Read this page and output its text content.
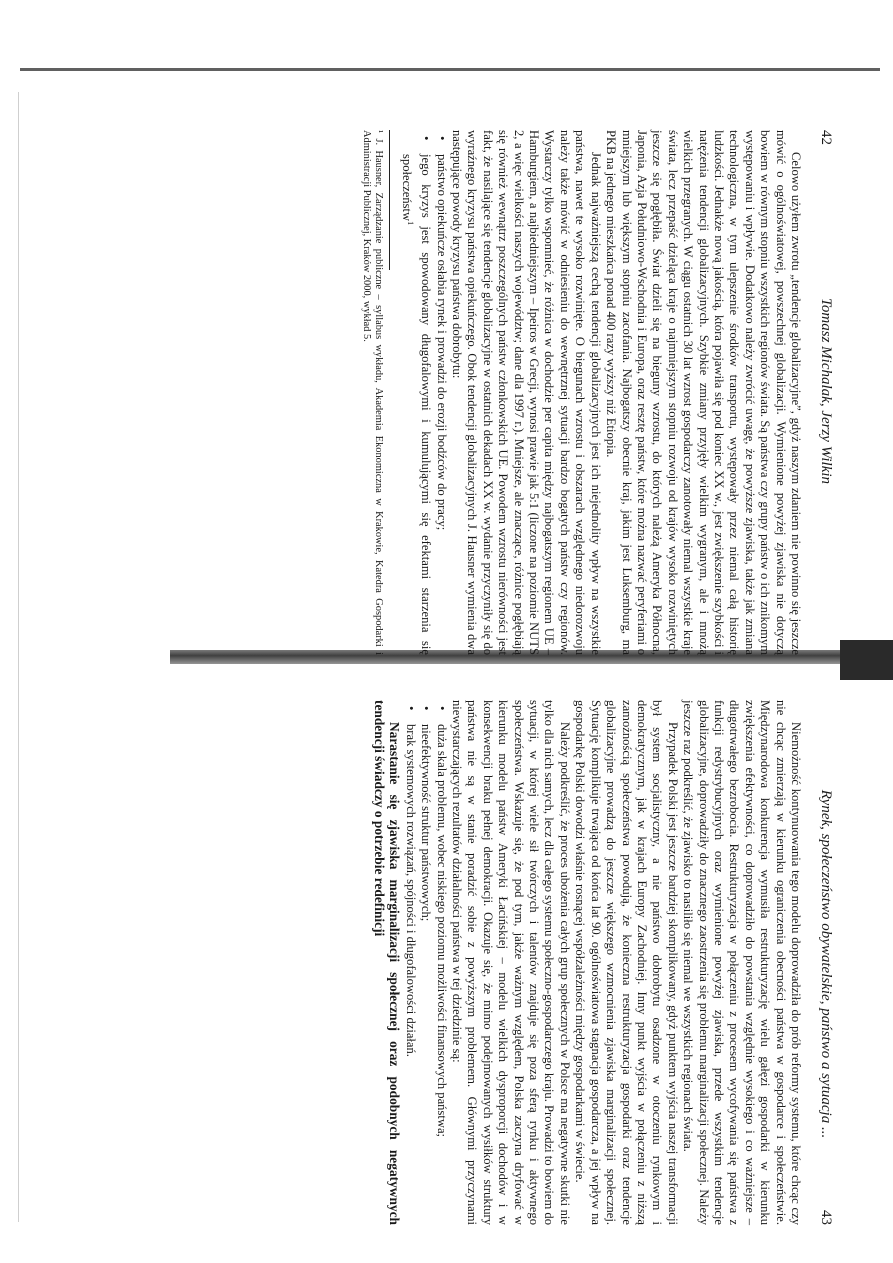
42
Tomasz Michalak, Jerzy Wilkin

Celowo użyłem zwrotu „tendencje globalizacyjne”, gdyż naszym zdaniem nie powinno się jeszcze mówić o ogólnoświatowej, powszechnej globalizacji. Wymienione powyżej zjawiska nie dotyczą bowiem w równym stopniu wszystkich regionów świata. Są państwa czy grupy państw o ich znikomym występowaniu i wpływie. Dodatkowo należy zwrócić uwagę, że powyższe zjawiska, także jak zmiana technologiczna, w tym ulepszenie środków transportu, występowały przez niemal całą historię ludzkości. Jednakże nową jakością, która pojawiła się pod koniec XX w., jest zwiększenie szybkości i natężenia tendencji globalizacyjnych. Szybkie zmiany przyjęły wielkim wygranym, ale i mnożą wielkich przegranych. W ciągu ostatnich 30 lat wzrost gospodarczy zanotowały niemal wszystkie kraje świata, lecz przepaść dzieląca kraje o najmniejszym stopniu rozwoju od krajów wysoko rozwiniętych jeszcze się pogłębiła. Świat dzieli się na bieguny wzrostu, do których należą Ameryka Północna, Japonia, Azja Południowo-Wschodnia i Europa, oraz resztę państw, które można nazwać peryferiami o mniejszym lub większym stopniu zacofania. Najbogatszy obecnie kraj, jakim jest Luksemburg, ma PKB na jednego mieszkańca ponad 400 razy wyższy niż Etiopia.

Jednak najważniejszą cechą tendencji globalizacyjnych jest ich niejednolity wpływ na wszystkie państwa, nawet te wysoko rozwinięte. O biegunach wzrostu i obszarach względnego niedorozwoju należy także mówić w odniesieniu do wewnętrznej sytuacji bardzo bogatych państw czy regionów. Wystarczy tylko wspomnieć, że różnica w dochodzie per capita między najbogatszym regionem UE – Hamburgiem, a najbiedniejszym – Ipeiros w Grecji, wynosi prawie jak 5:1 (liczone na poziomie NUTS 2, a więc wielkości naszych województw; dane dla 1997 r.). Mniejsze, ale znaczące, różnice pogłębiają się również wewnątrz poszczególnych państw członkowskich UE. Powodem wzrostu nierówności jest fakt, że nasilające się tendencje globalizacyjne w ostatnich dekadach XX w. wydanie przyczyniły się do wyraźnego kryzysu państwa opiekuńczego. Obok tendencji globalizacyjnych J. Hausner wymienia dwa następujące powody kryzysu państwa dobrobytu:

• państwo opiekuńcze osłabia rynek i prowadzi do erozji bodźców do pracy;
• jego kryzys jest spowodowany długofalowymi i kumulującymi się efektami starzenia się społeczeństw$^1$
¹ J. Hausner, Zarządzanie publiczne – syllabus wykładu, Akademia Ekonomiczna w Krakowie, Katedra Gospodarki i Administracji Publicznej, Kraków 2000, wykład 5.
Rynek, społeczeństwo obywatelskie, państwo a sytuacja ...
43

Niemożność kontynuowania tego modelu doprowadziła do prób reformy systemu, które chcąc czy nie chcąc zmierzają w kierunku ograniczenia obecności państwa w gospodarce i społeczeństwie. Międzynarodowa konkurencja wymusiła restrukturyzację wielu gałęzi gospodarki w kierunku zwiększenia efektywności, co doprowadziło do powstania względnie wysokiego i co ważniejsze – długotrwałego bezrobocia. Restrukturyzacja w połączeniu z procesem wycofywania się państwa z funkcji redystrybucyjnych oraz wymienione powyżej zjawiska, przede wszystkim tendencje globalizacyjne, doprowadziły do znacznego zaostrzenia się problemu marginalizacji społecznej. Należy jeszcze raz podkreślić, że zjawisko to nasiliło się niemal we wszystkich regionach świata.

Przypadek Polski jest jeszcze bardziej skomplikowany, gdyż punktem wyjścia naszej transformacji był system socjalistyczny, a nie państwo dobrobytu osadzone w otoczeniu rynkowym i demokratycznym, jak w krajach Europy Zachodniej. Inny punkt wyjścia w połączeniu z niższą zamożnością społeczeństwa powodują, że konieczna restrukturyzacja gospodarki oraz tendencje globalizacyjne prowadzą do jeszcze większego wzmocnienia zjawiska marginalizacji społecznej. Sytuację komplikuje trwająca od końca lat 90. ogólnoświatowa stagnacja gospodarcza, a jej wpływ na gospodarkę Polski dowodzi właśnie rosnącej współzależności między gospodarkami w świecie.

Należy podkreślić, że proces ubożenia całych grup społecznych w Polsce ma negatywne skutki nie tylko dla nich samych, lecz dla całego systemu społeczno-gospodarczego kraju. Prowadzi to bowiem do sytuacji, w której wiele sił twórczych i talentów znajduje się poza sferą rynku i aktywnego społeczeństwa. Wskazuje się, że pod tym, jakże ważnym względem, Polska zaczyna dryfować w kierunku modelu państw Ameryki Łacińskiej – modelu wielkich dysproporcji dochodów i w konsekwencji braku pełnej demokracji. Okazuje się, że mimo podejmowanych wysiłków struktury państwa nie są w stanie poradzić sobie z powyższym problemem. Głównymi przyczynami niewystarczających rezultatów działalności państwa w tej dziedzinie są:

• duża skala problemu, wobec niskiego poziomu możliwości finansowych państwa;
• nieefektywność struktur państwowych;
• brak systemowych rozwiązań, spójności i długofalowości działań.

Narastanie się zjawiska marginalizacji społecznej oraz podobnych negatywnych tendencji świadczy o potrzebie redefinicji
